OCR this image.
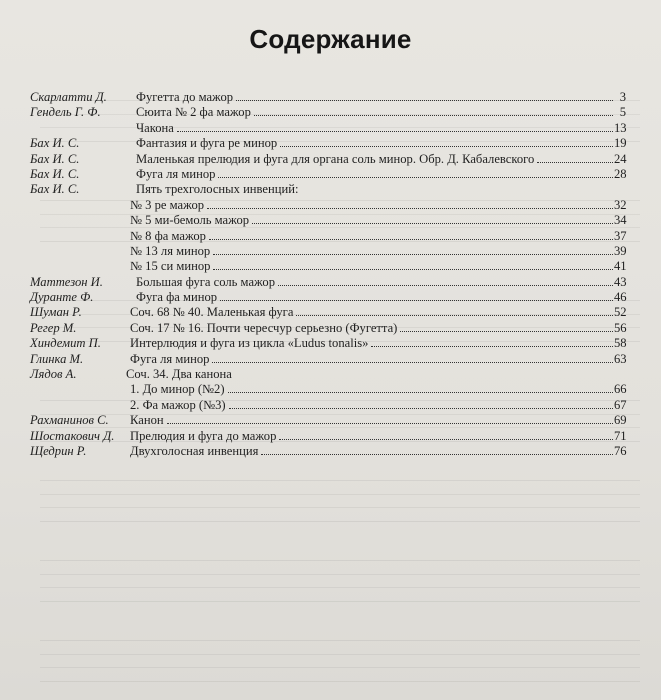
Содержание
Скарлатти Д. Фугетта до мажор	3
Гендель Г. Ф.	Сюита № 2 фа мажор	5
Чакона	13
Бах И. С.	Фантазия и фуга ре минор	19
Бах И. С.	Маленькая прелюдия и фуга для органа соль минор. Обр. Д. Кабалевского	24
Бах И. С.	Фуга ля минор	28
Бах И. С.	Пять трехголосных инвенций:
№ 3 ре мажор	32
№ 5 ми-бемоль мажор	34
№ 8 фа мажор	37
№ 13 ля минор	39
№ 15 си минор	41
Маттезон И.	Большая фуга соль мажор	43
Дуранте Ф.	Фуга фа минор	46
Шуман Р.	Соч. 68 № 40. Маленькая фуга	52
Регер М.	Соч. 17 № 16. Почти чересчур серьезно (Фугетта)	56
Хиндемит П. Интерлюдия и фуга из цикла «Ludus tonalis»	58
Глинка М.	Фуга ля минор	63
Лядов А.	Соч. 34. Два канона
1. До минор (№2)	66
2. Фа мажор (№3)	67
Рахманинов С. Канон	69
Шостакович Д. Прелюдия и фуга до мажор	71
Щедрин Р.	Двухголосная инвенция	76
